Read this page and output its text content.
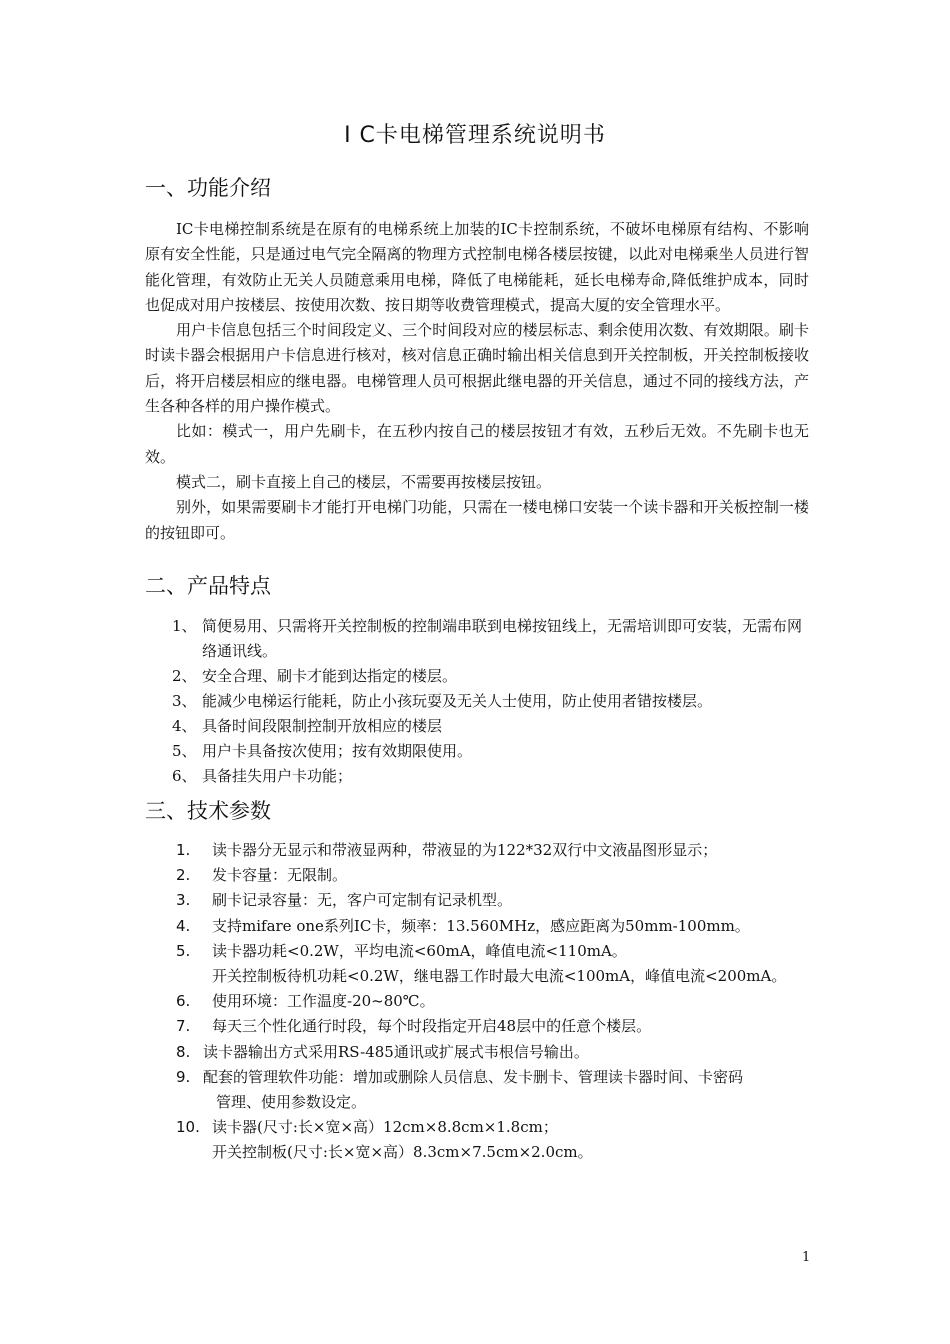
I C卡电梯管理系统说明书
一、功能介绍

IC卡电梯控制系统是在原有的电梯系统上加装的IC卡控制系统，不破坏电梯原有结构、不影响原有安全性能，只是通过电气完全隔离的物理方式控制电梯各楼层按键，以此对电梯乘坐人员进行智能化管理，有效防止无关人员随意乘用电梯，降低了电梯能耗，延长电梯寿命,降低维护成本，同时也促成对用户按楼层、按使用次数、按日期等收费管理模式，提高大厦的安全管理水平。

用户卡信息包括三个时间段定义、三个时间段对应的楼层标志、剩余使用次数、有效期限。刷卡时读卡器会根据用户卡信息进行核对，核对信息正确时输出相关信息到开关控制板，开关控制板接收后，将开启楼层相应的继电器。电梯管理人员可根据此继电器的开关信息，通过不同的接线方法，产生各种各样的用户操作模式。

比如：模式一，用户先刷卡，在五秒内按自己的楼层按钮才有效，五秒后无效。不先刷卡也无效。

模式二，刷卡直接上自己的楼层，不需要再按楼层按钮。

别外，如果需要刷卡才能打开电梯门功能，只需在一楼电梯口安装一个读卡器和开关板控制一楼的按钮即可。

二、产品特点
1、 简便易用、只需将开关控制板的控制端串联到电梯按钮线上，无需培训即可安装，无需布网络通讯线。
2、 安全合理、刷卡才能到达指定的楼层。
3、 能减少电梯运行能耗，防止小孩玩耍及无关人士使用，防止使用者错按楼层。
4、 具备时间段限制控制开放相应的楼层
5、 用户卡具备按次使用；按有效期限使用。
6、 具备挂失用户卡功能；
三、技术参数
1.	读卡器分无显示和带液显两种，带液显的为122*32双行中文液晶图形显示；
2.	发卡容量：无限制。
3.	刷卡记录容量：无，客户可定制有记录机型。
4.	支持mifare one系列IC卡，频率：13.560MHz，感应距离为50mm-100mm。
5.	读卡器功耗<0.2W，平均电流<60mA，峰值电流<110mA。
开关控制板待机功耗<0.2W，继电器工作时最大电流<100mA，峰值电流<200mA。
6.	使用环境：工作温度-20~80℃。
7.	每天三个性化通行时段，每个时段指定开启48层中的任意个楼层。
8. 读卡器输出方式采用RS-485通讯或扩展式韦根信号输出。
9. 配套的管理软件功能：增加或删除人员信息、发卡删卡、管理读卡器时间、卡密码
管理、使用参数设定。
10. 读卡器(尺寸:长×宽×高）12cm×8.8cm×1.8cm；
开关控制板(尺寸:长×宽×高）8.3cm×7.5cm×2.0cm。
1
